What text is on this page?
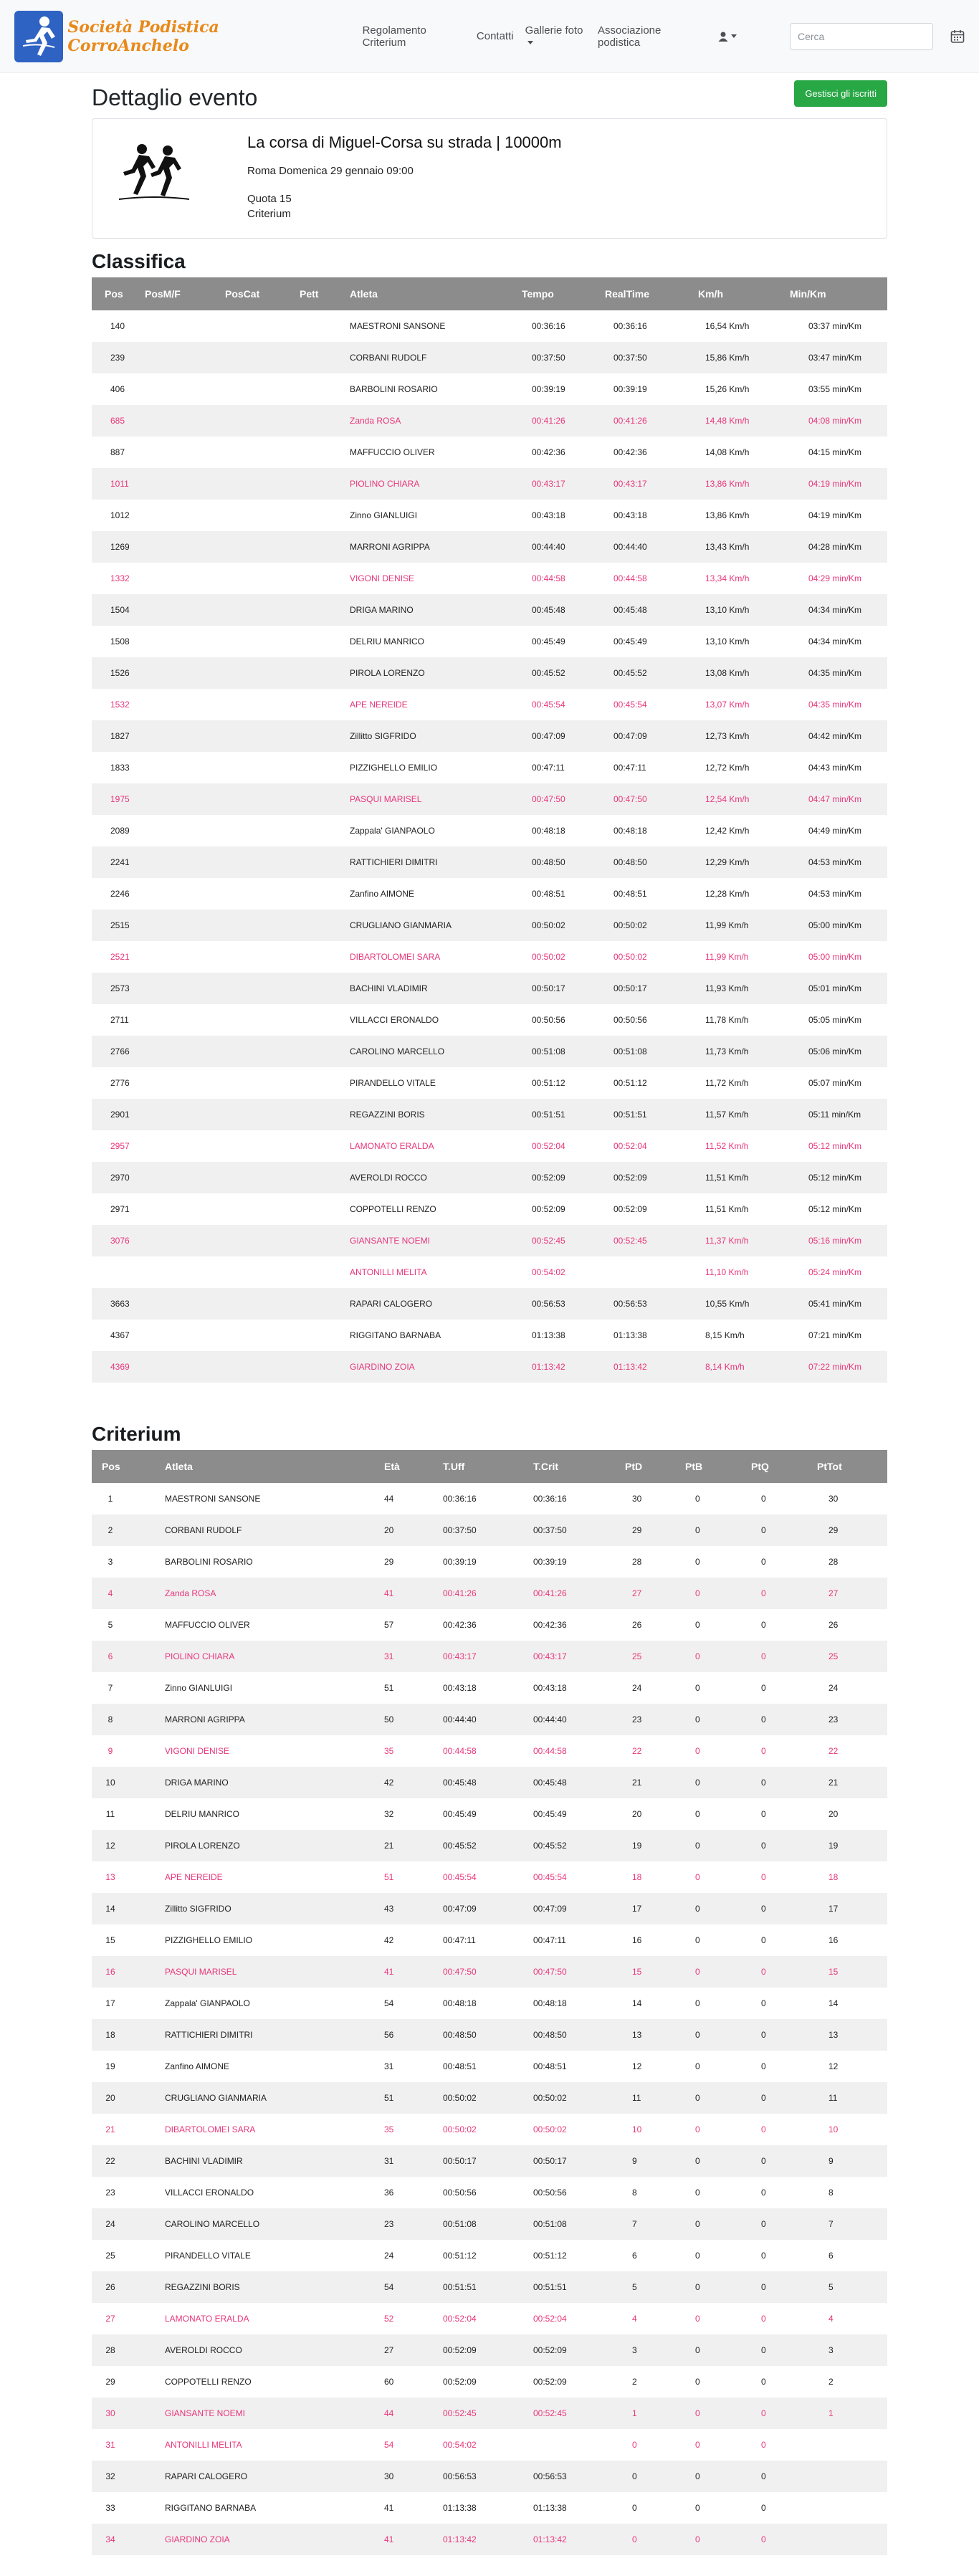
Società Podistica CorroAnchelo
Regolamento Criterium	Contatti	Gallerie foto	Associazione podistica
Cerca
Dettaglio evento	Gestisci gli iscritti
La corsa di Miguel-Corsa su strada | 10000m
Roma Domenica 29 gennaio 09:00
Quota 15
Criterium
Classifica
Pos	PosM/F	PosCat	Pett	Atleta	Tempo	RealTime	Km/h	Min/Km
140				MAESTRONI SANSONE	00:36:16	00:36:16	16,54 Km/h	03:37 min/Km
239				CORBANI RUDOLF	00:37:50	00:37:50	15,86 Km/h	03:47 min/Km
406				BARBOLINI ROSARIO	00:39:19	00:39:19	15,26 Km/h	03:55 min/Km
685				Zanda ROSA	00:41:26	00:41:26	14,48 Km/h	04:08 min/Km
887				MAFFUCCIO OLIVER	00:42:36	00:42:36	14,08 Km/h	04:15 min/Km
1011				PIOLINO CHIARA	00:43:17	00:43:17	13,86 Km/h	04:19 min/Km
1012				Zinno GIANLUIGI	00:43:18	00:43:18	13,86 Km/h	04:19 min/Km
1269				MARRONI AGRIPPA	00:44:40	00:44:40	13,43 Km/h	04:28 min/Km
1332				VIGONI DENISE	00:44:58	00:44:58	13,34 Km/h	04:29 min/Km
1504				DRIGA MARINO	00:45:48	00:45:48	13,10 Km/h	04:34 min/Km
1508				DELRIU MANRICO	00:45:49	00:45:49	13,10 Km/h	04:34 min/Km
1526				PIROLA LORENZO	00:45:52	00:45:52	13,08 Km/h	04:35 min/Km
1532				APE NEREIDE	00:45:54	00:45:54	13,07 Km/h	04:35 min/Km
1827				Zillitto SIGFRIDO	00:47:09	00:47:09	12,73 Km/h	04:42 min/Km
1833				PIZZIGHELLO EMILIO	00:47:11	00:47:11	12,72 Km/h	04:43 min/Km
1975				PASQUI MARISEL	00:47:50	00:47:50	12,54 Km/h	04:47 min/Km
2089				Zappala' GIANPAOLO	00:48:18	00:48:18	12,42 Km/h	04:49 min/Km
2241				RATTICHIERI DIMITRI	00:48:50	00:48:50	12,29 Km/h	04:53 min/Km
2246				Zanfino AIMONE	00:48:51	00:48:51	12,28 Km/h	04:53 min/Km
2515				CRUGLIANO GIANMARIA	00:50:02	00:50:02	11,99 Km/h	05:00 min/Km
2521				DIBARTOLOMEI SARA	00:50:02	00:50:02	11,99 Km/h	05:00 min/Km
2573				BACHINI VLADIMIR	00:50:17	00:50:17	11,93 Km/h	05:01 min/Km
2711				VILLACCI ERONALDO	00:50:56	00:50:56	11,78 Km/h	05:05 min/Km
2766				CAROLINO MARCELLO	00:51:08	00:51:08	11,73 Km/h	05:06 min/Km
2776				PIRANDELLO VITALE	00:51:12	00:51:12	11,72 Km/h	05:07 min/Km
2901				REGAZZINI BORIS	00:51:51	00:51:51	11,57 Km/h	05:11 min/Km
2957				LAMONATO ERALDA	00:52:04	00:52:04	11,52 Km/h	05:12 min/Km
2970				AVEROLDI ROCCO	00:52:09	00:52:09	11,51 Km/h	05:12 min/Km
2971				COPPOTELLI RENZO	00:52:09	00:52:09	11,51 Km/h	05:12 min/Km
3076				GIANSANTE NOEMI	00:52:45	00:52:45	11,37 Km/h	05:16 min/Km
				ANTONILLI MELITA	00:54:02		11,10 Km/h	05:24 min/Km
3663				RAPARI CALOGERO	00:56:53	00:56:53	10,55 Km/h	05:41 min/Km
4367				RIGGITANO BARNABA	01:13:38	01:13:38	8,15 Km/h	07:21 min/Km
4369				GIARDINO ZOIA	01:13:42	01:13:42	8,14 Km/h	07:22 min/Km
Criterium
Pos	Atleta	Età	T.Uff	T.Crit	PtD	PtB	PtQ	PtTot
1	MAESTRONI SANSONE	44	00:36:16	00:36:16	30	0	0	30
2	CORBANI RUDOLF	20	00:37:50	00:37:50	29	0	0	29
3	BARBOLINI ROSARIO	29	00:39:19	00:39:19	28	0	0	28
4	Zanda ROSA	41	00:41:26	00:41:26	27	0	0	27
5	MAFFUCCIO OLIVER	57	00:42:36	00:42:36	26	0	0	26
6	PIOLINO CHIARA	31	00:43:17	00:43:17	25	0	0	25
7	Zinno GIANLUIGI	51	00:43:18	00:43:18	24	0	0	24
8	MARRONI AGRIPPA	50	00:44:40	00:44:40	23	0	0	23
9	VIGONI DENISE	35	00:44:58	00:44:58	22	0	0	22
10	DRIGA MARINO	42	00:45:48	00:45:48	21	0	0	21
11	DELRIU MANRICO	32	00:45:49	00:45:49	20	0	0	20
12	PIROLA LORENZO	21	00:45:52	00:45:52	19	0	0	19
13	APE NEREIDE	51	00:45:54	00:45:54	18	0	0	18
14	Zillitto SIGFRIDO	43	00:47:09	00:47:09	17	0	0	17
15	PIZZIGHELLO EMILIO	42	00:47:11	00:47:11	16	0	0	16
16	PASQUI MARISEL	41	00:47:50	00:47:50	15	0	0	15
17	Zappala' GIANPAOLO	54	00:48:18	00:48:18	14	0	0	14
18	RATTICHIERI DIMITRI	56	00:48:50	00:48:50	13	0	0	13
19	Zanfino AIMONE	31	00:48:51	00:48:51	12	0	0	12
20	CRUGLIANO GIANMARIA	51	00:50:02	00:50:02	11	0	0	11
21	DIBARTOLOMEI SARA	35	00:50:02	00:50:02	10	0	0	10
22	BACHINI VLADIMIR	31	00:50:17	00:50:17	9	0	0	9
23	VILLACCI ERONALDO	36	00:50:56	00:50:56	8	0	0	8
24	CAROLINO MARCELLO	23	00:51:08	00:51:08	7	0	0	7
25	PIRANDELLO VITALE	24	00:51:12	00:51:12	6	0	0	6
26	REGAZZINI BORIS	54	00:51:51	00:51:51	5	0	0	5
27	LAMONATO ERALDA	52	00:52:04	00:52:04	4	0	0	4
28	AVEROLDI ROCCO	27	00:52:09	00:52:09	3	0	0	3
29	COPPOTELLI RENZO	60	00:52:09	00:52:09	2	0	0	2
30	GIANSANTE NOEMI	44	00:52:45	00:52:45	1	0	0	1
31	ANTONILLI MELITA	54	00:54:02		0	0	0	
32	RAPARI CALOGERO	30	00:56:53	00:56:53	0	0	0	
33	RIGGITANO BARNABA	41	01:13:38	01:13:38	0	0	0	
34	GIARDINO ZOIA	41	01:13:42	01:13:42	0	0	0	
